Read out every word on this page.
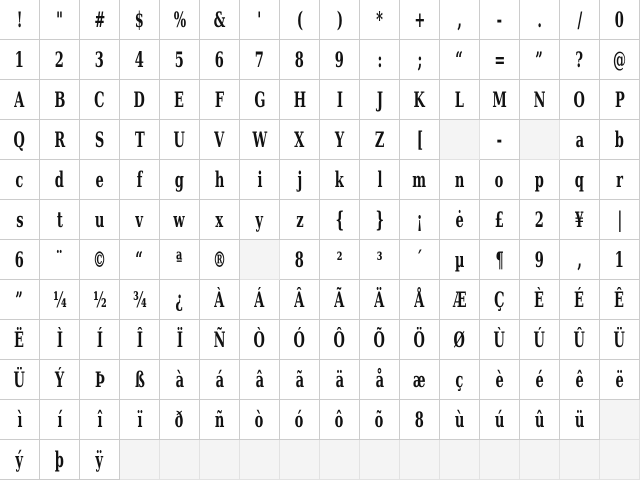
! " # $ % & ' ( ) * + , - . / 0
1 2 3 4 5 6 7 8 9 : ; “ = ” ? @
A B C D E F G H I J K L M N O P
Q R S T U V W X Y Z [	-	a b
c d e f g h i j k l m n o p q r
s t u v w x y z { } ¡ ė £ 2 ¥ |
6 ¨ © “ ª ®	8 ² ³ ´ µ ¶ 9 , 1
” ¼ ½ ¾ ¿ À Á Â Ã Ä Å Æ Ç È É Ê
Ë Ì Í Î Ï Ñ Ò Ó Ô Õ Ö Ø Ù Ú Û Ü
Ü Ý Þ ß à á â ã ä å æ ç è é ê ë
ì í î ï ð ñ ò ó ô õ 8 ù ú û ü
ý þ ÿ
